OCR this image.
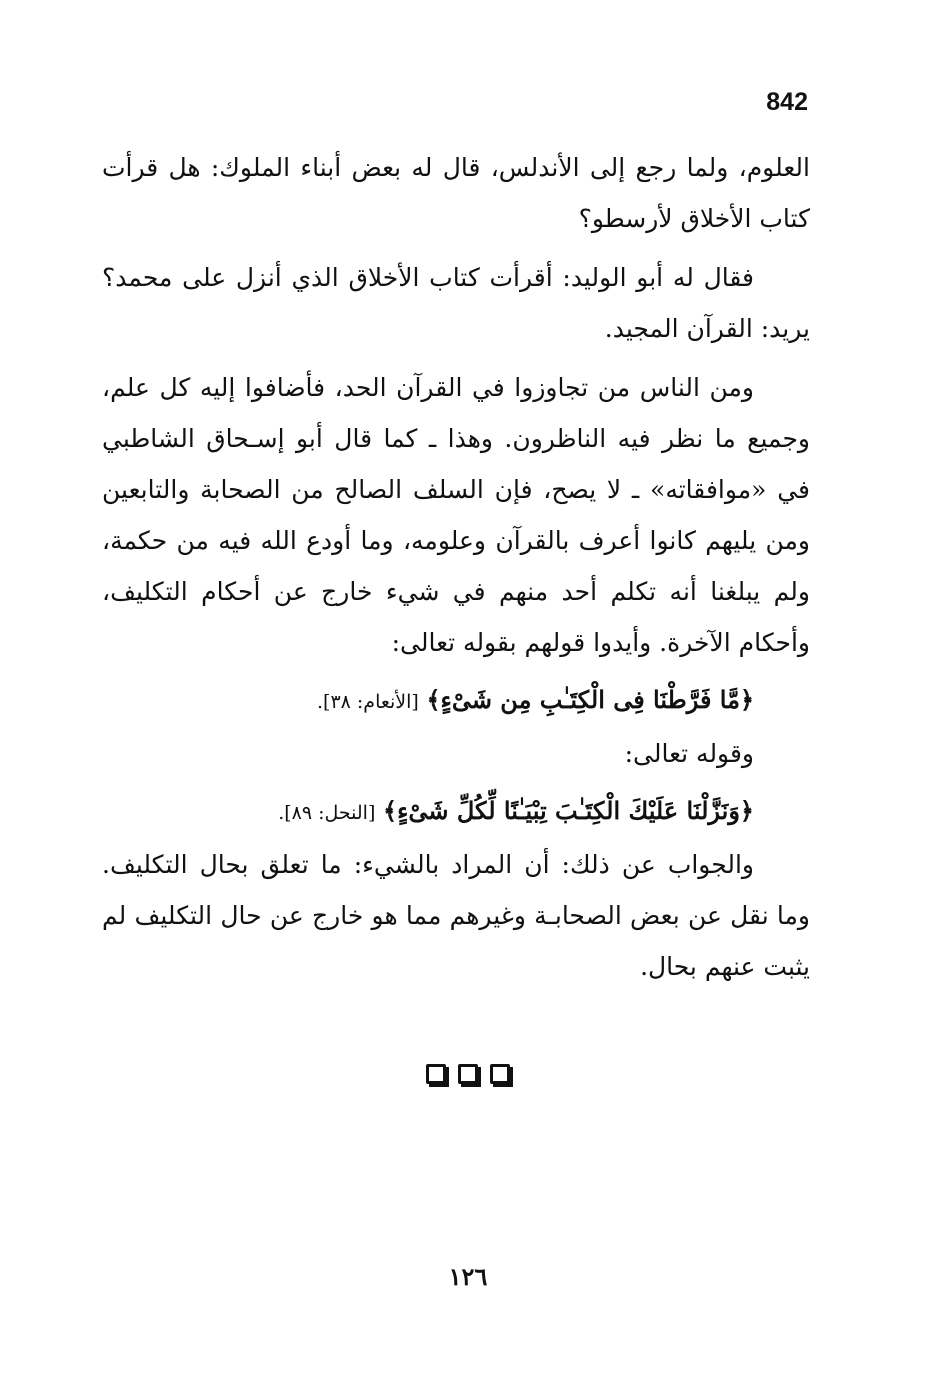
842

العلوم، ولما رجع إلى الأندلس، قال له بعض أبناء الملوك: هل قرأت كتاب الأخلاق لأرسطو؟

فقال له أبو الوليد: أقرأت كتاب الأخلاق الذي أنزل على محمد؟ يريد: القرآن المجيد.

ومن الناس من تجاوزوا في القرآن الحد، فأضافوا إليه كل علم، وجميع ما نظر فيه الناظرون. وهذا ـ كما قال أبو إسـحاق الشاطبي في «موافقاته» ـ لا يصح، فإن السلف الصالح من الصحابة والتابعين ومن يليهم كانوا أعرف بالقرآن وعلومه، وما أودع الله فيه من حكمة، ولم يبلغنا أنه تكلم أحد منهم في شيء خارج عن أحكام التكليف، وأحكام الآخرة. وأيدوا قولهم بقوله تعالى:

﴿مَّا فَرَّطْنَا فِى الْكِتَـٰبِ مِن شَىْءٍ﴾ [الأنعام: ٣٨].

وقوله تعالى:

﴿وَنَزَّلْنَا عَلَيْكَ الْكِتَـٰبَ تِبْيَـٰنًا لِّكُلِّ شَىْءٍ﴾ [النحل: ٨٩].

والجواب عن ذلك: أن المراد بالشيء: ما تعلق بحال التكليف. وما نقل عن بعض الصحابـة وغيرهم مما هو خارج عن حال التكليف لم يثبت عنهم بحال.

١٢٦
